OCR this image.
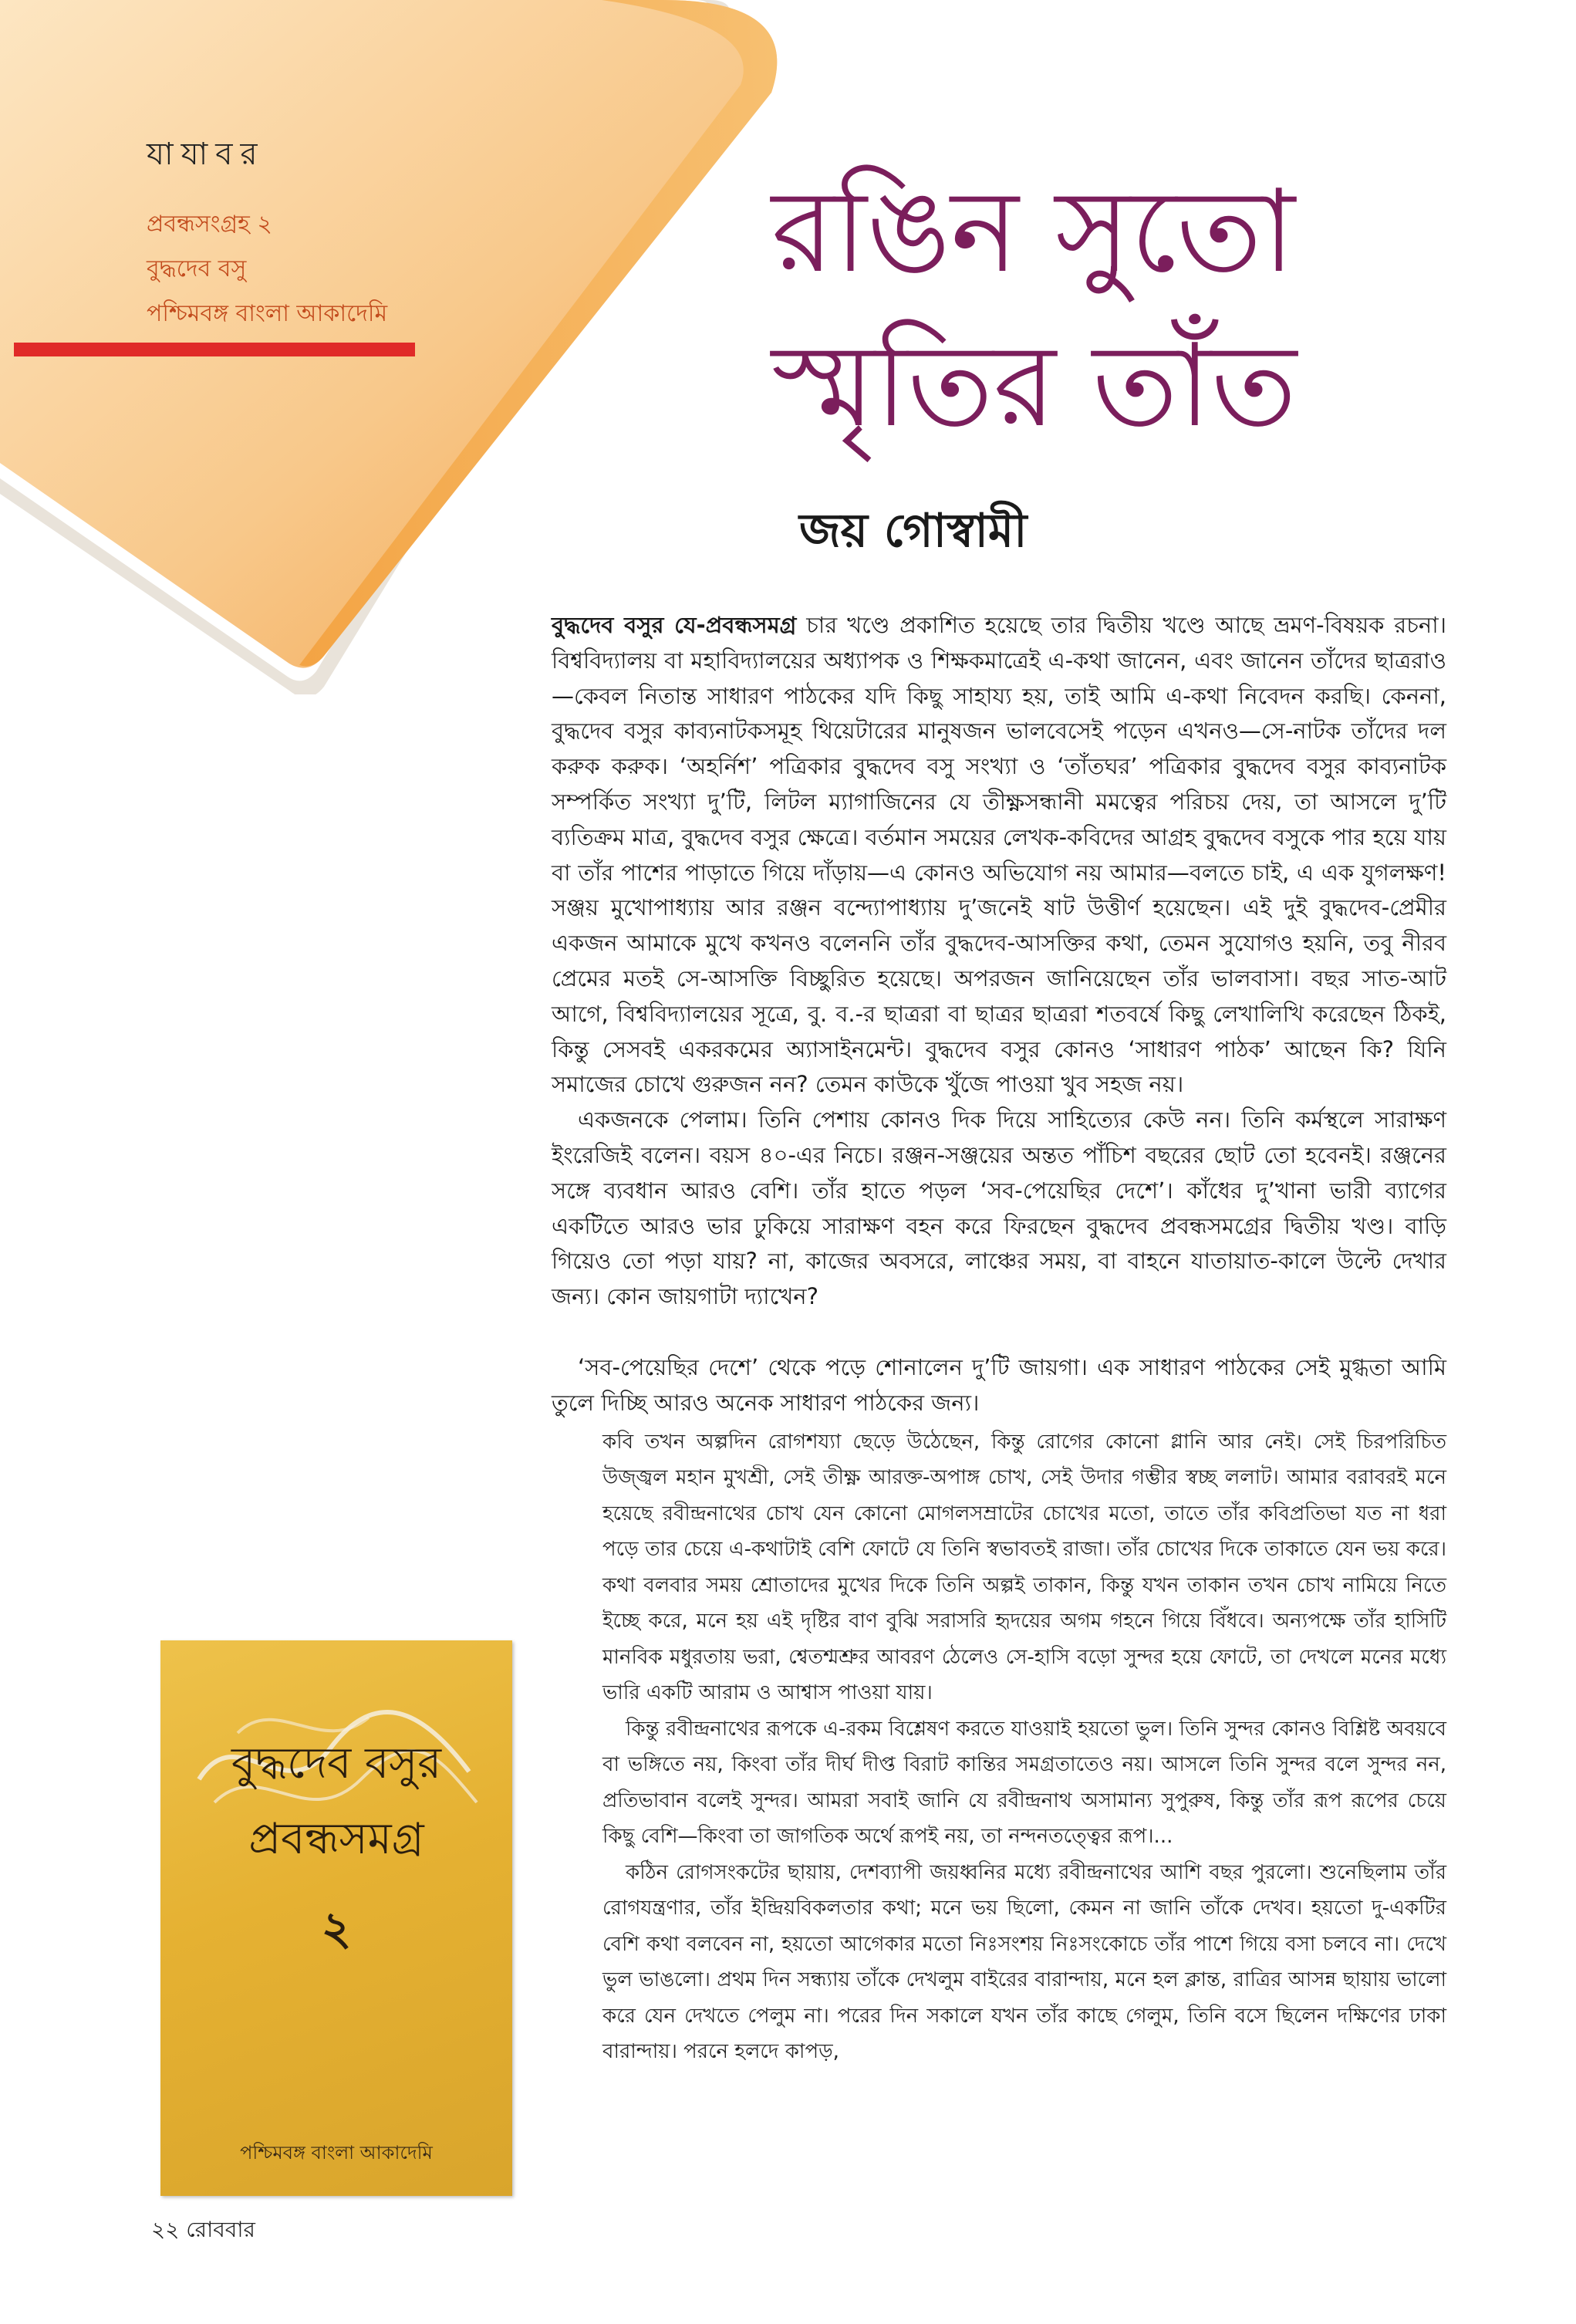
যাযাবর
প্রবন্ধসংগ্রহ ২
বুদ্ধদেব বসু
পশ্চিমবঙ্গ বাংলা আকাদেমি
রঙিন সুতো
স্মৃতির তাঁত
জয় গোস্বামী

বুদ্ধদেব বসুর যে-প্রবন্ধসমগ্র চার খণ্ডে প্রকাশিত হয়েছে তার দ্বিতীয় খণ্ডে আছে ভ্রমণ-বিষয়ক রচনা। বিশ্ববিদ্যালয় বা মহাবিদ্যালয়ের অধ্যাপক ও শিক্ষকমাত্রেই এ-কথা জানেন, এবং জানেন তাঁদের ছাত্ররাও—কেবল নিতান্ত সাধারণ পাঠকের যদি কিছু সাহায্য হয়, তাই আমি এ-কথা নিবেদন করছি। কেননা, বুদ্ধদেব বসুর কাব্যনাটকসমূহ থিয়েটারের মানুষজন ভালবেসেই পড়েন এখনও—সে-নাটক তাঁদের দল করুক করুক। ‘অহর্নিশ’ পত্রিকার বুদ্ধদেব বসু সংখ্যা ও ‘তাঁতঘর’ পত্রিকার বুদ্ধদেব বসুর কাব্যনাটক সম্পর্কিত সংখ্যা দু’টি, লিটল ম্যাগাজিনের যে তীক্ষ্ণসন্ধানী মমত্বের পরিচয় দেয়, তা আসলে দু’টি ব্যতিক্রম মাত্র, বুদ্ধদেব বসুর ক্ষেত্রে। বর্তমান সময়ের লেখক-কবিদের আগ্রহ বুদ্ধদেব বসুকে পার হয়ে যায় বা তাঁর পাশের পাড়াতে গিয়ে দাঁড়ায়—এ কোনও অভিযোগ নয় আমার—বলতে চাই, এ এক যুগলক্ষণ! সঞ্জয় মুখোপাধ্যায় আর রঞ্জন বন্দ্যোপাধ্যায় দু’জনেই ষাট উত্তীর্ণ হয়েছেন। এই দুই বুদ্ধদেব-প্রেমীর একজন আমাকে মুখে কখনও বলেননি তাঁর বুদ্ধদেব-আসক্তির কথা, তেমন সুযোগও হয়নি, তবু নীরব প্রেমের মতই সে-আসক্তি বিচ্ছুরিত হয়েছে। অপরজন জানিয়েছেন তাঁর ভালবাসা। বছর সাত-আট আগে, বিশ্ববিদ্যালয়ের সূত্রে, বু. ব.-র ছাত্ররা বা ছাত্রর ছাত্ররা শতবর্ষে কিছু লেখালিখি করেছেন ঠিকই, কিন্তু সেসবই একরকমের অ্যাসাইনমেন্ট। বুদ্ধদেব বসুর কোনও ‘সাধারণ পাঠক’ আছেন কি? যিনি সমাজের চোখে গুরুজন নন? তেমন কাউকে খুঁজে পাওয়া খুব সহজ নয়।

একজনকে পেলাম। তিনি পেশায় কোনও দিক দিয়ে সাহিত্যের কেউ নন। তিনি কর্মস্থলে সারাক্ষণ ইংরেজিই বলেন। বয়স ৪০-এর নিচে। রঞ্জন-সঞ্জয়ের অন্তত পাঁচিশ বছরের ছোট তো হবেনই। রঞ্জনের সঙ্গে ব্যবধান আরও বেশি। তাঁর হাতে পড়ল ‘সব-পেয়েছির দেশে’। কাঁধের দু’খানা ভারী ব্যাগের একটিতে আরও ভার ঢুকিয়ে সারাক্ষণ বহন করে ফিরছেন বুদ্ধদেব প্রবন্ধসমগ্রের দ্বিতীয় খণ্ড। বাড়ি গিয়েও তো পড়া যায়? না, কাজের অবসরে, লাঞ্চের সময়, বা বাহনে যাতায়াত-কালে উল্টে দেখার জন্য। কোন জায়গাটা দ্যাখেন?

‘সব-পেয়েছির দেশে’ থেকে পড়ে শোনালেন দু’টি জায়গা। এক সাধারণ পাঠকের সেই মুগ্ধতা আমি তুলে দিচ্ছি আরও অনেক সাধারণ পাঠকের জন্য।

কবি তখন অল্পদিন রোগশয্যা ছেড়ে উঠেছেন, কিন্তু রোগের কোনো গ্লানি আর নেই। সেই চিরপরিচিত উজ্জ্বল মহান মুখশ্রী, সেই তীক্ষ্ণ আরক্ত-অপাঙ্গ চোখ, সেই উদার গম্ভীর স্বচ্ছ ললাট। আমার বরাবরই মনে হয়েছে রবীন্দ্রনাথের চোখ যেন কোনো মোগলসম্রাটের চোখের মতো, তাতে তাঁর কবিপ্রতিভা যত না ধরা পড়ে তার চেয়ে এ-কথাটাই বেশি ফোটে যে তিনি স্বভাবতই রাজা। তাঁর চোখের দিকে তাকাতে যেন ভয় করে। কথা বলবার সময় শ্রোতাদের মুখের দিকে তিনি অল্পই তাকান, কিন্তু যখন তাকান তখন চোখ নামিয়ে নিতে ইচ্ছে করে, মনে হয় এই দৃষ্টির বাণ বুঝি সরাসরি হৃদয়ের অগম গহনে গিয়ে বিঁধবে। অন্যপক্ষে তাঁর হাসিটি মানবিক মধুরতায় ভরা, শ্বেতশ্মশ্রুর আবরণ ঠেলেও সে-হাসি বড়ো সুন্দর হয়ে ফোটে, তা দেখলে মনের মধ্যে ভারি একটি আরাম ও আশ্বাস পাওয়া যায়।

কিন্তু রবীন্দ্রনাথের রূপকে এ-রকম বিশ্লেষণ করতে যাওয়াই হয়তো ভুল। তিনি সুন্দর কোনও বিশ্লিষ্ট অবয়বে বা ভঙ্গিতে নয়, কিংবা তাঁর দীর্ঘ দীপ্ত বিরাট কান্তির সমগ্রতাতেও নয়। আসলে তিনি সুন্দর বলে সুন্দর নন, প্রতিভাবান বলেই সুন্দর। আমরা সবাই জানি যে রবীন্দ্রনাথ অসামান্য সুপুরুষ, কিন্তু তাঁর রূপ রূপের চেয়ে কিছু বেশি—কিংবা তা জাগতিক অর্থে রূপই নয়, তা নন্দনতত্ত্বের রূপ।...

কঠিন রোগসংকটের ছায়ায়, দেশব্যাপী জয়ধ্বনির মধ্যে রবীন্দ্রনাথের আশি বছর পুরলো। শুনেছিলাম তাঁর রোগযন্ত্রণার, তাঁর ইন্দ্রিয়বিকলতার কথা; মনে ভয় ছিলো, কেমন না জানি তাঁকে দেখব। হয়তো দু-একটির বেশি কথা বলবেন না, হয়তো আগেকার মতো নিঃসংশয় নিঃসংকোচে তাঁর পাশে গিয়ে বসা চলবে না। দেখে ভুল ভাঙলো। প্রথম দিন সন্ধ্যায় তাঁকে দেখলুম বাইরের বারান্দায়, মনে হল ক্লান্ত, রাত্রির আসন্ন ছায়ায় ভালো করে যেন দেখতে পেলুম না। পরের দিন সকালে যখন তাঁর কাছে গেলুম, তিনি বসে ছিলেন দক্ষিণের ঢাকা বারান্দায়। পরনে হলদে কাপড়,

বুদ্ধদেব বসুর
প্রবন্ধসমগ্র
২
পশ্চিমবঙ্গ বাংলা আকাদেমি
২২ রোববার
